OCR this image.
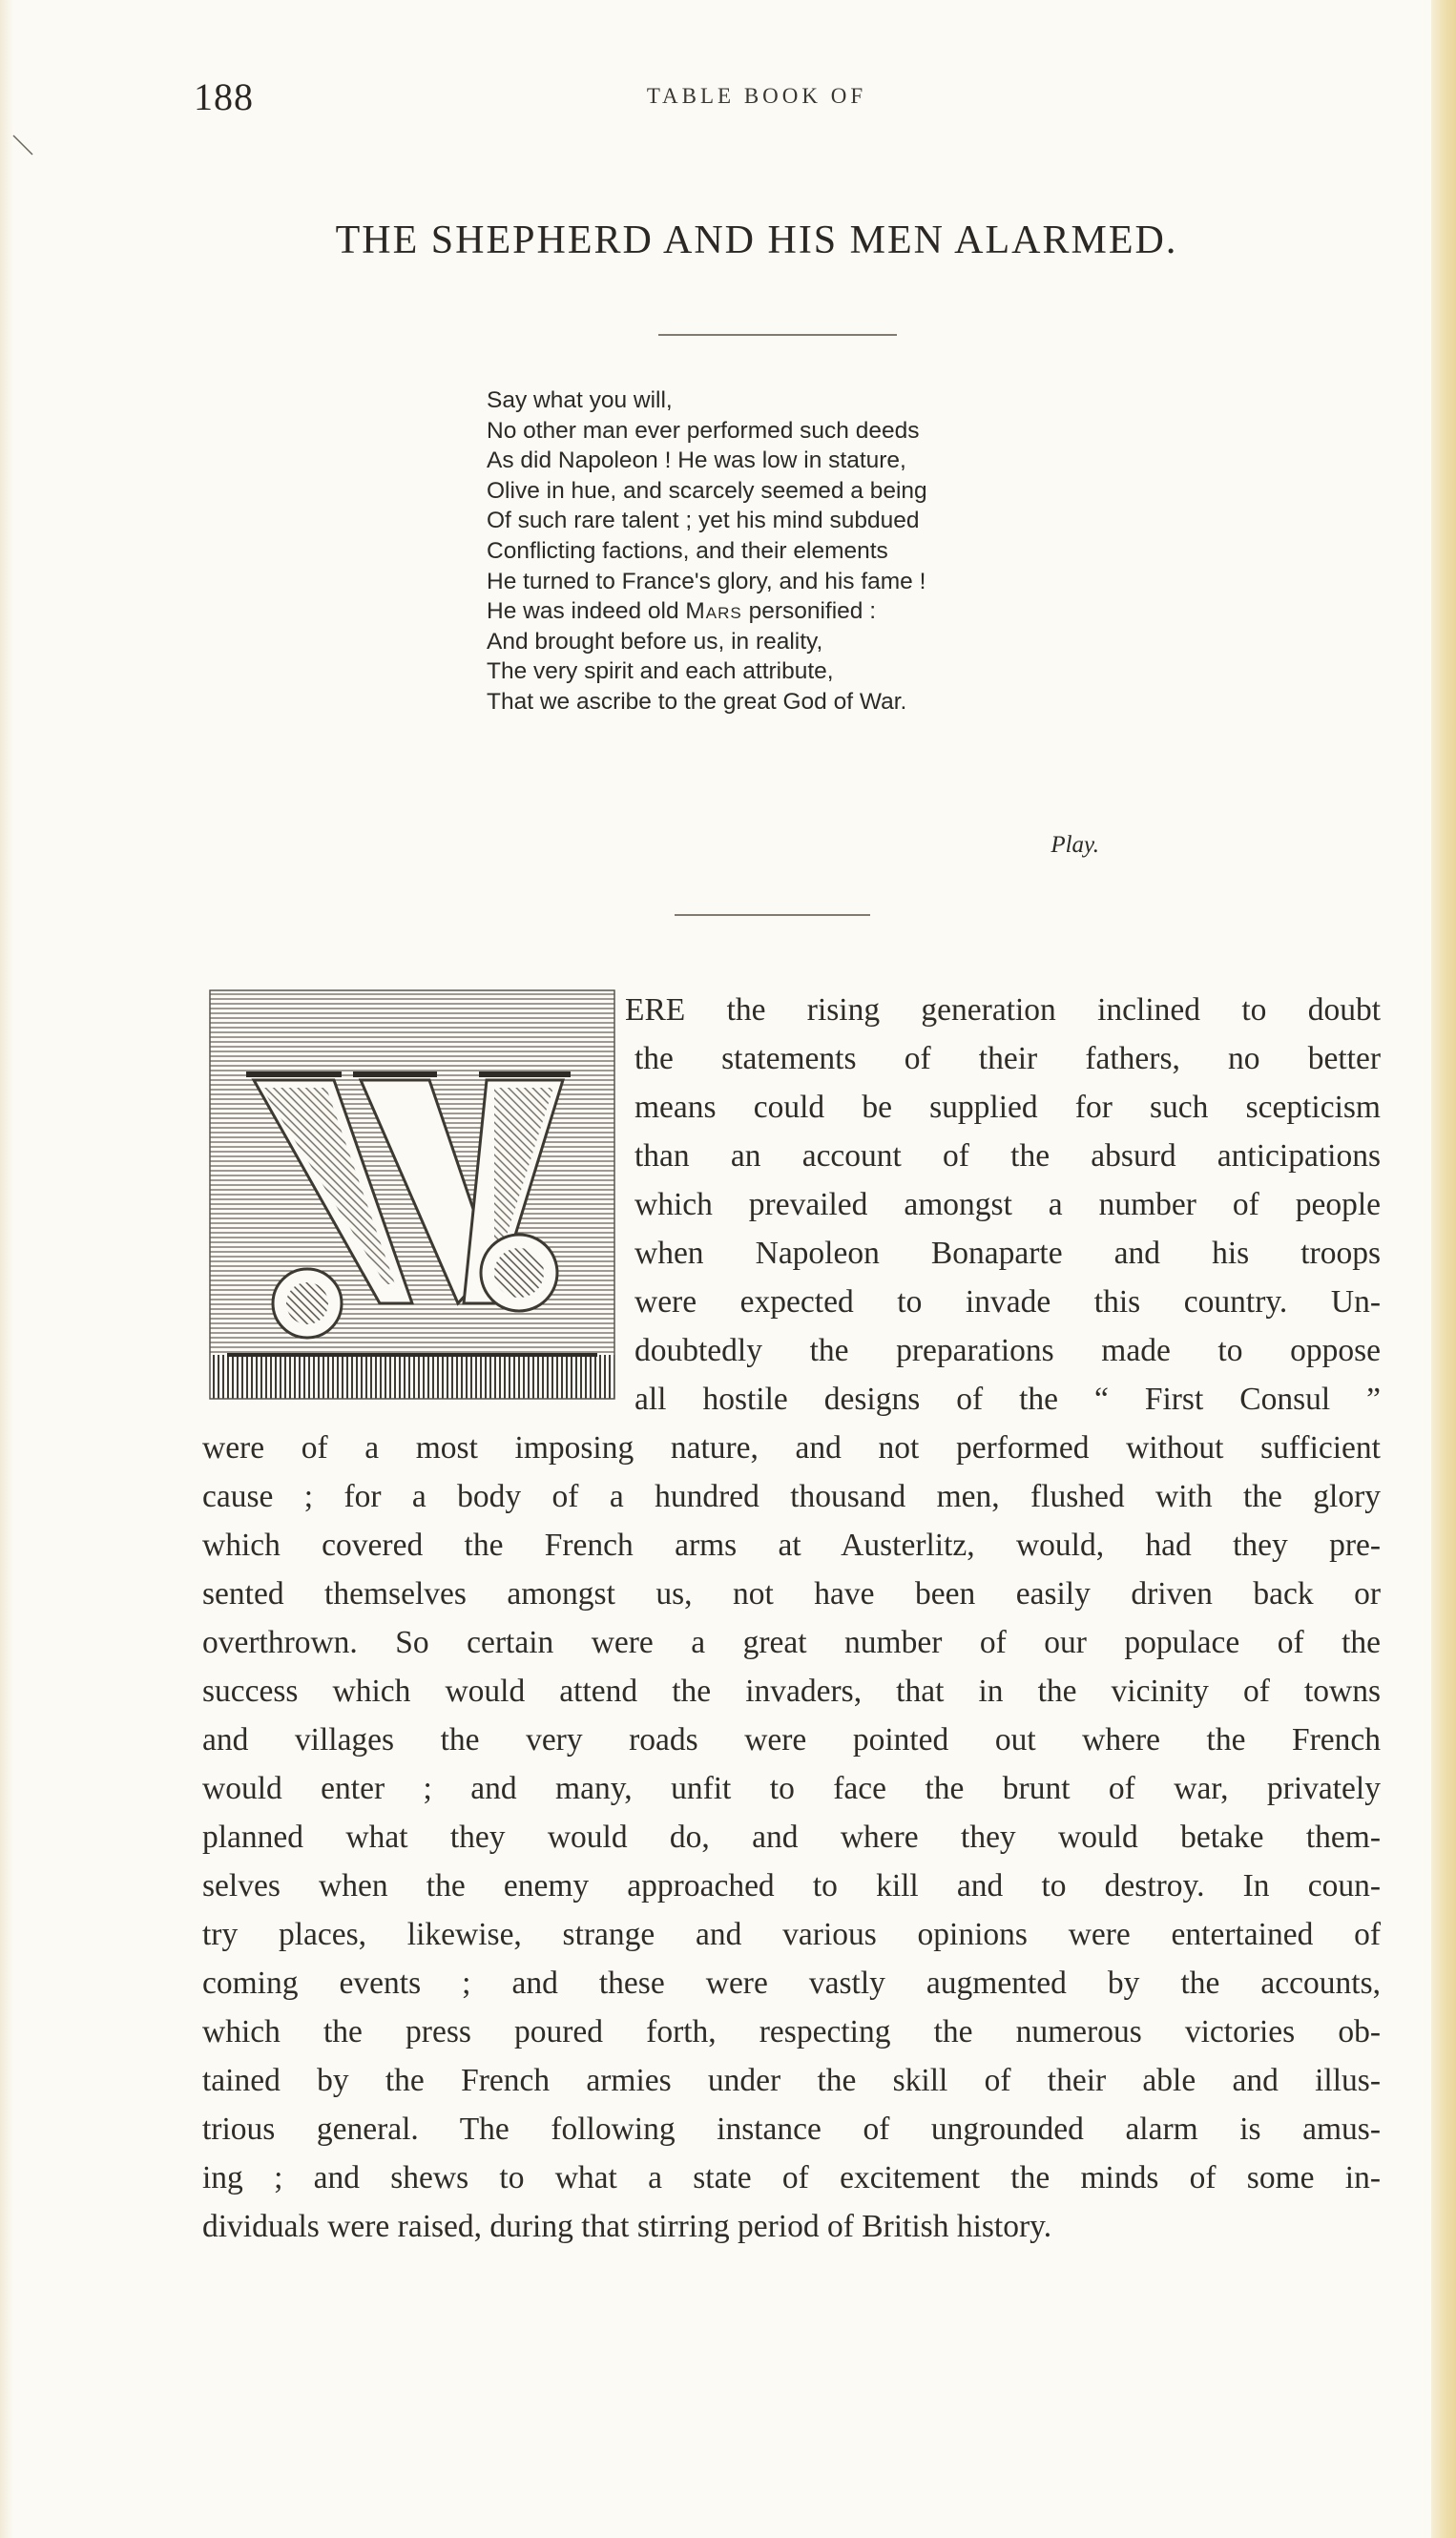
188	TABLE BOOK OF

THE SHEPHERD AND HIS MEN ALARMED.
Say what you will,
No other man ever performed such deeds
As did Napoleon ! He was low in stature,
Olive in hue, and scarcely seemed a being
Of such rare talent ; yet his mind subdued
Conflicting factions, and their elements
He turned to France's glory, and his fame !
He was indeed old Mars personified :
And brought before us, in reality,
The very spirit and each attribute,
That we ascribe to the great God of War.

Play.

ERE the rising generation inclined to doubt
the statements of their fathers, no better
means could be supplied for such scepticism
than an account of the absurd anticipations
which prevailed amongst a number of people
when Napoleon Bonaparte and his troops
were expected to invade this country. Un-
doubtedly the preparations made to oppose
all hostile designs of the “ First Consul ”
were of a most imposing nature, and not performed without sufficient
cause ; for a body of a hundred thousand men, flushed with the glory
which covered the French arms at Austerlitz, would, had they pre-
sented themselves amongst us, not have been easily driven back or
overthrown. So certain were a great number of our populace of the
success which would attend the invaders, that in the vicinity of towns
and villages the very roads were pointed out where the French
would enter ; and many, unfit to face the brunt of war, privately
planned what they would do, and where they would betake them-
selves when the enemy approached to kill and to destroy. In coun-
try places, likewise, strange and various opinions were entertained of
coming events ; and these were vastly augmented by the accounts,
which the press poured forth, respecting the numerous victories ob-
tained by the French armies under the skill of their able and illus-
trious general. The following instance of ungrounded alarm is amus-
ing ; and shews to what a state of excitement the minds of some in-
dividuals were raised, during that stirring period of British history.
